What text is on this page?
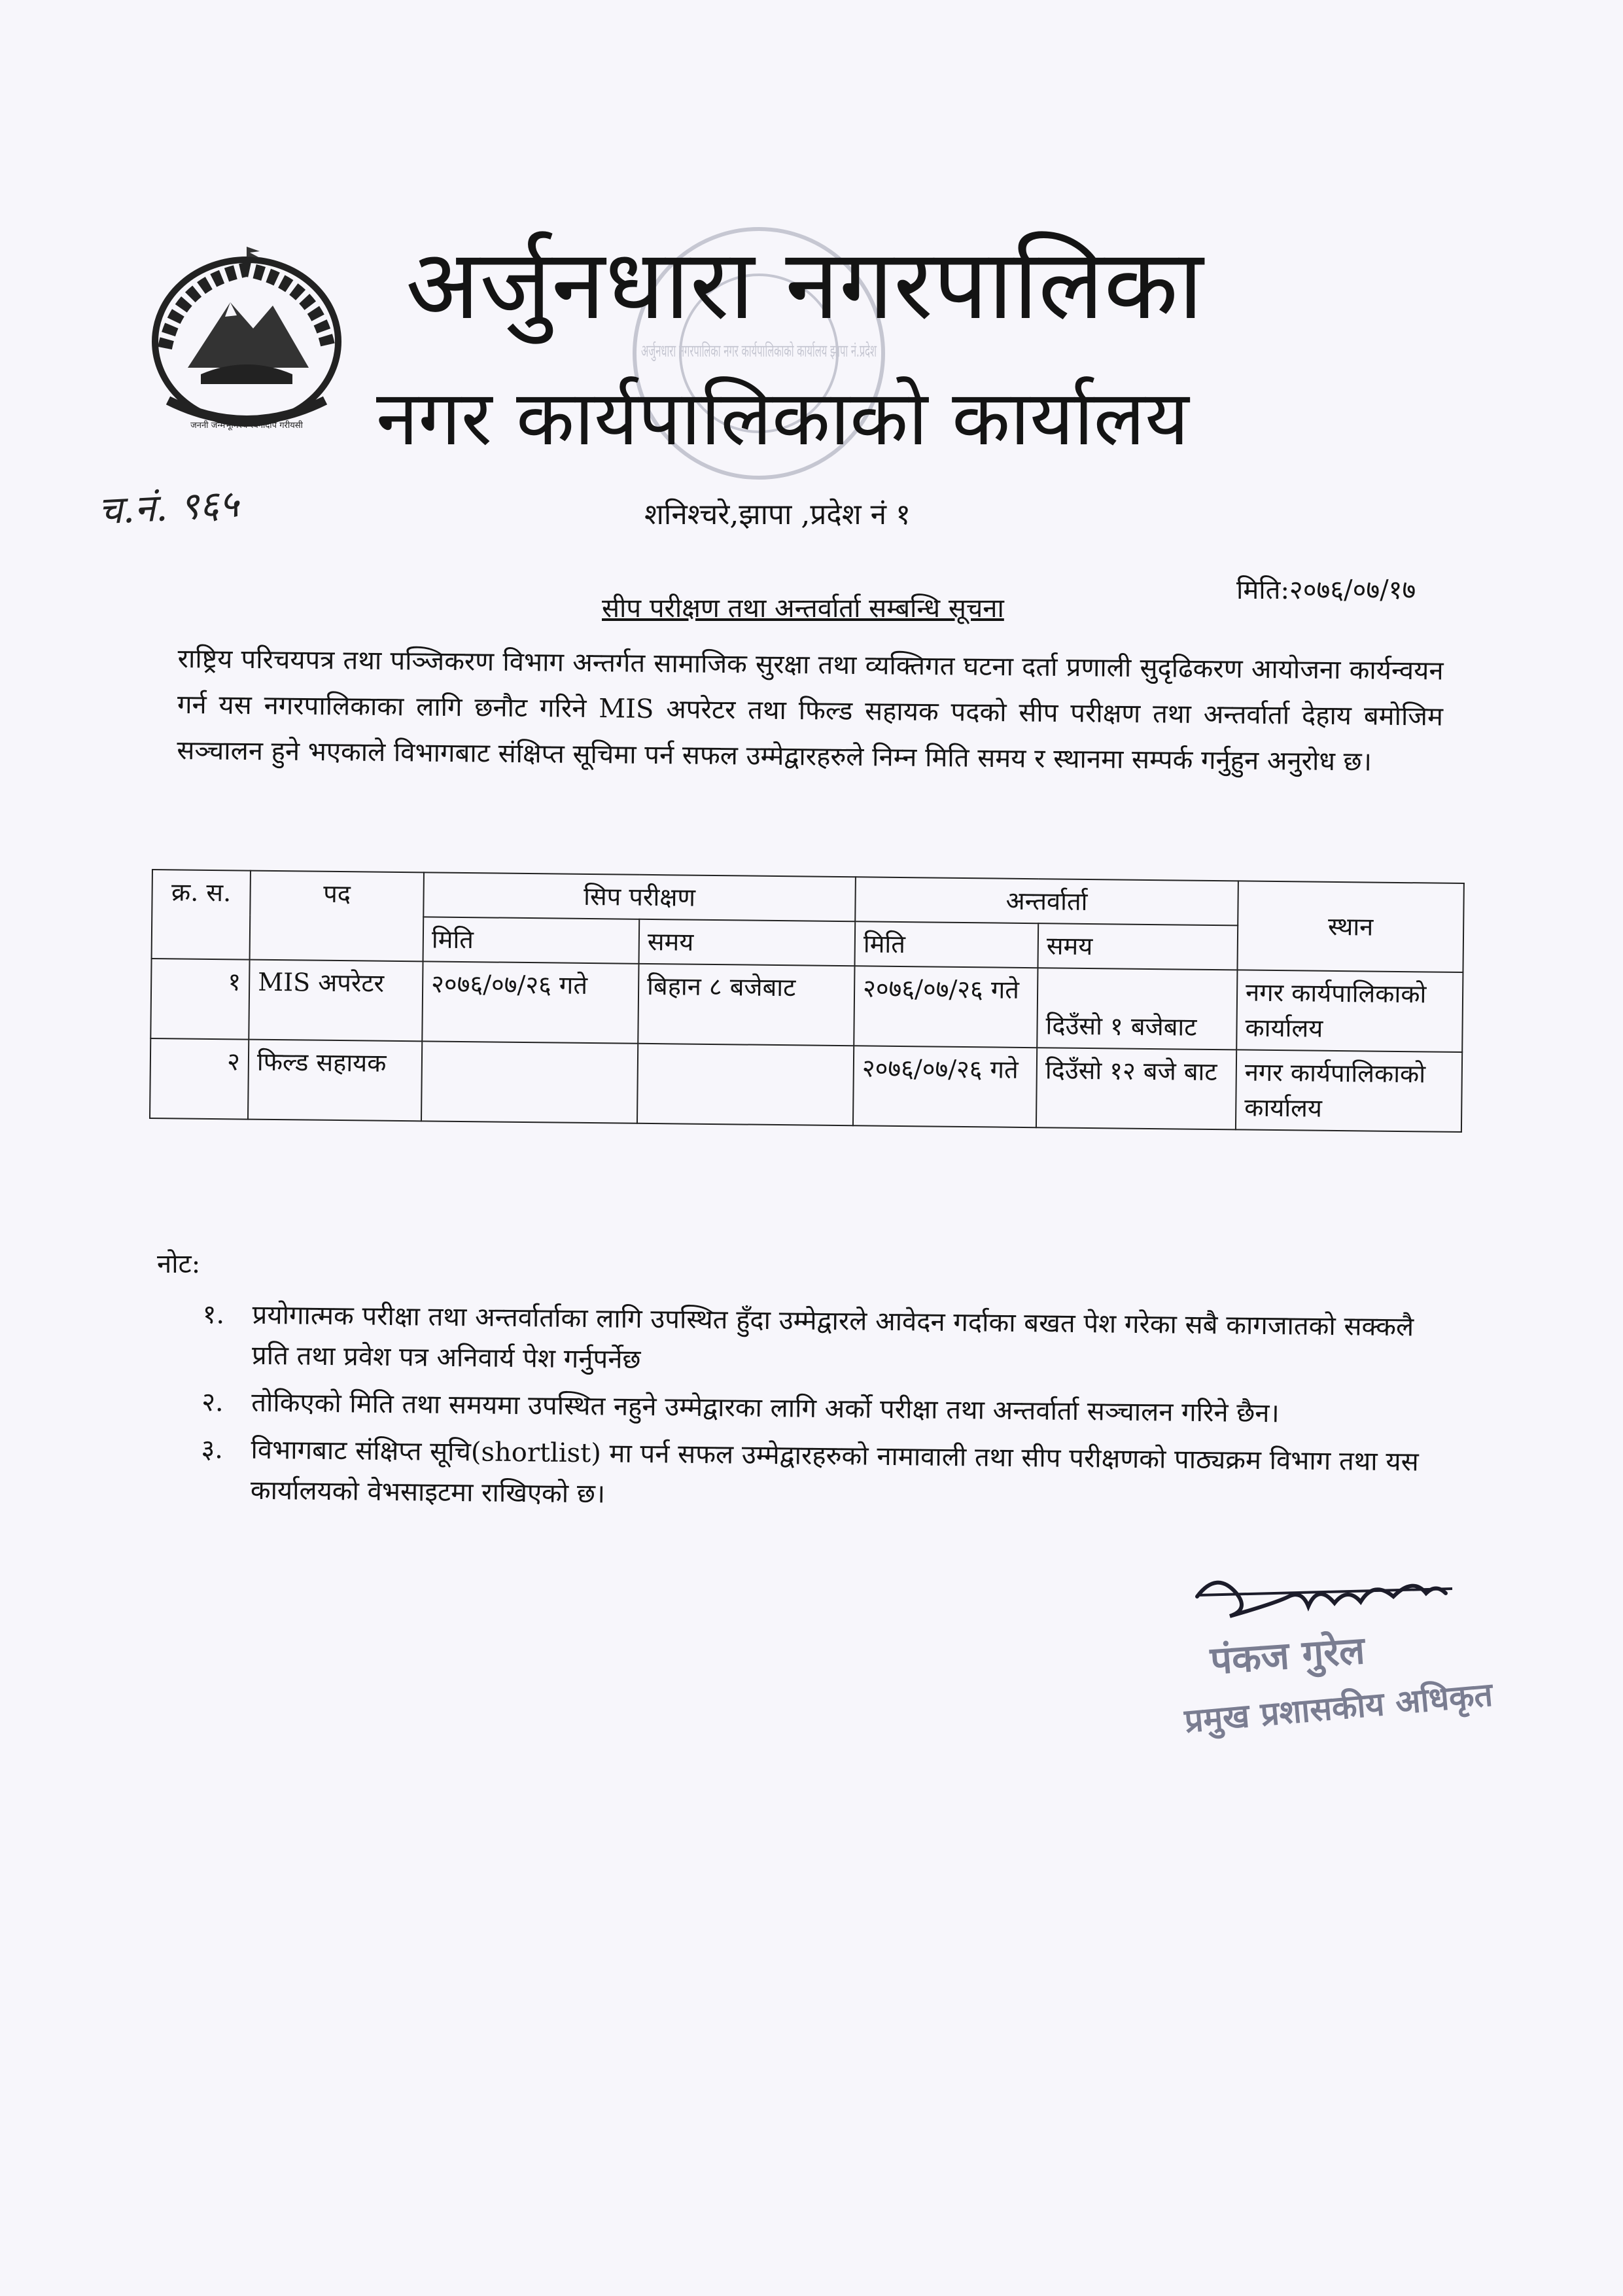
जननी जन्मभूमिश्च स्वर्गादपि गरीयसी
अर्जुनधारा नगरपालिका नगर कार्यपालिकाको कार्यालय झापा नं.प्रदेश
अर्जुनधारा नगरपालिका
नगर कार्यपालिकाको कार्यालय
शनिश्चरे,झापा ,प्रदेश नं १
च.नं. ९६५
मिति:२०७६/०७/१७
सीप परीक्षण तथा अन्तर्वार्ता सम्बन्धि सूचना
राष्ट्रिय परिचयपत्र तथा पञ्जिकरण विभाग अन्तर्गत सामाजिक सुरक्षा तथा व्यक्तिगत घटना दर्ता प्रणाली सुदृढिकरण आयोजना कार्यन्वयन गर्न यस नगरपालिकाका लागि छनौट गरिने MIS अपरेटर तथा फिल्ड सहायक पदको सीप परीक्षण तथा अन्तर्वार्ता देहाय बमोजिम सञ्चालन हुने भएकाले विभागबाट संक्षिप्त सूचिमा पर्न सफल उम्मेद्वारहरुले निम्न मिति समय र स्थानमा सम्पर्क गर्नुहुन अनुरोध छ।
क्र. स.	पद	सिप परीक्षण		अन्तर्वार्ता		स्थान
		मिति	समय	मिति	समय	
१	MIS अपरेटर	२०७६/०७/२६ गते	बिहान ८ बजेबाट	२०७६/०७/२६ गते	दिउँसो १ बजेबाट	नगर कार्यपालिकाको कार्यालय
२	फिल्ड सहायक			२०७६/०७/२६ गते	दिउँसो १२ बजे बाट	नगर कार्यपालिकाको कार्यालय
नोट:
१.	प्रयोगात्मक परीक्षा तथा अन्तर्वार्ताका लागि उपस्थित हुँदा उम्मेद्वारले आवेदन गर्दाका बखत पेश गरेका सबै कागजातको सक्कलै प्रति तथा प्रवेश पत्र अनिवार्य पेश गर्नुपर्नेछ
२.	तोकिएको मिति तथा समयमा उपस्थित नहुने उम्मेद्वारका लागि अर्को परीक्षा तथा अन्तर्वार्ता सञ्चालन गरिने छैन।
३.	विभागबाट संक्षिप्त सूचि(shortlist) मा पर्न सफल उम्मेद्वारहरुको नामावाली तथा सीप परीक्षणको पाठ्यक्रम विभाग तथा यस कार्यालयको वेभसाइटमा राखिएको छ।
पंकज गुरेल
प्रमुख प्रशासकीय अधिकृत
